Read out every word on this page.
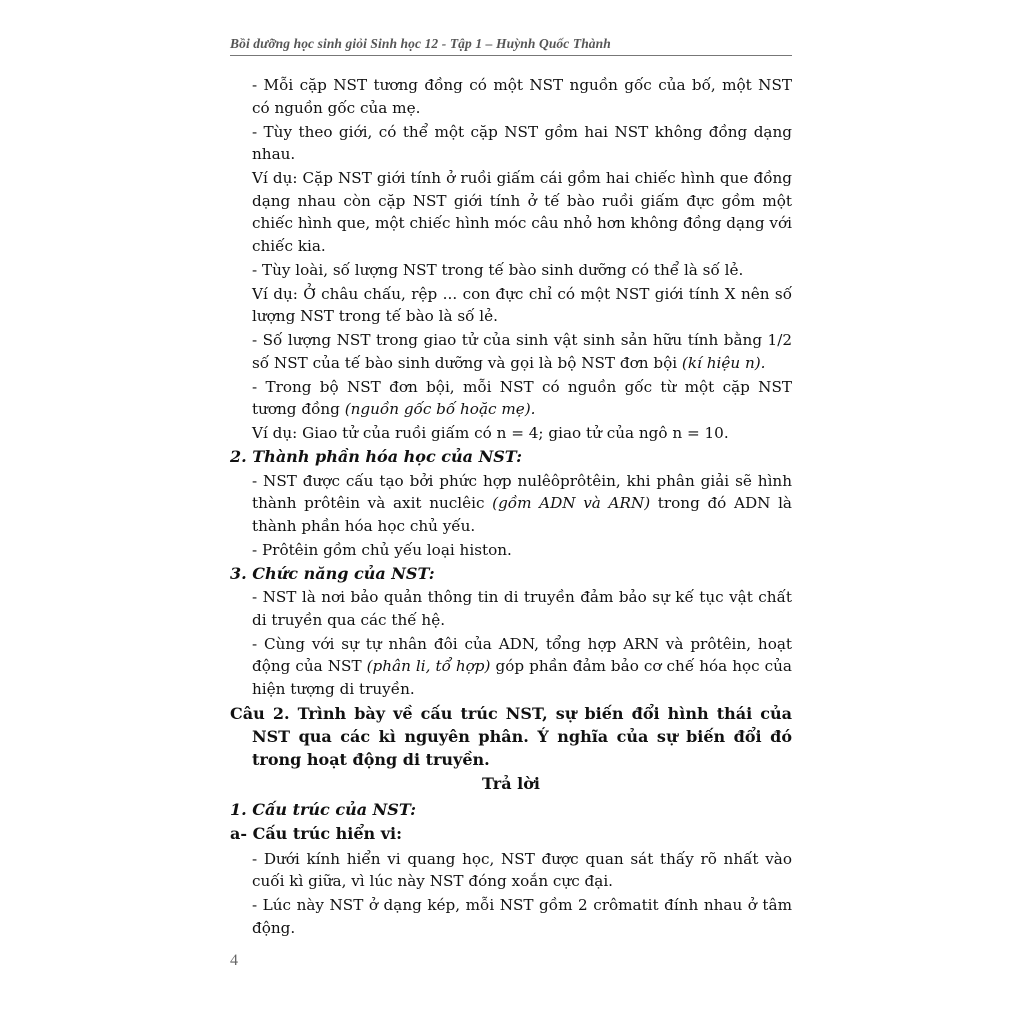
Bồi dưỡng học sinh giỏi Sinh học 12 - Tập 1 – Huỳnh Quốc Thành
- Mỗi cặp NST tương đồng có một NST nguồn gốc của bố, một NST có nguồn gốc của mẹ.
- Tùy theo giới, có thể một cặp NST gồm hai NST không đồng dạng nhau.
Ví dụ: Cặp NST giới tính ở ruồi giấm cái gồm hai chiếc hình que đồng dạng nhau còn cặp NST giới tính ở tế bào ruồi giấm đực gồm một chiếc hình que, một chiếc hình móc câu nhỏ hơn không đồng dạng với chiếc kia.
- Tùy loài, số lượng NST trong tế bào sinh dưỡng có thể là số lẻ.
Ví dụ: Ở châu chấu, rệp ... con đực chỉ có một NST giới tính X nên số lượng NST trong tế bào là số lẻ.
- Số lượng NST trong giao tử của sinh vật sinh sản hữu tính bằng 1/2 số NST của tế bào sinh dưỡng và gọi là bộ NST đơn bội (kí hiệu n).
- Trong bộ NST đơn bội, mỗi NST có nguồn gốc từ một cặp NST tương đồng (nguồn gốc bố hoặc mẹ).
Ví dụ: Giao tử của ruồi giấm có n = 4; giao tử của ngô n = 10.
2. Thành phần hóa học của NST:
- NST được cấu tạo bởi phức hợp nulêôprôtêin, khi phân giải sẽ hình thành prôtêin và axit nuclêic (gồm ADN và ARN) trong đó ADN là thành phần hóa học chủ yếu.
- Prôtêin gồm chủ yếu loại histon.
3. Chức năng của NST:
- NST là nơi bảo quản thông tin di truyền đảm bảo sự kế tục vật chất di truyền qua các thế hệ.
- Cùng với sự tự nhân đôi của ADN, tổng hợp ARN và prôtêin, hoạt động của NST (phân li, tổ hợp) góp phần đảm bảo cơ chế hóa học của hiện tượng di truyền.
Câu 2. Trình bày về cấu trúc NST, sự biến đổi hình thái của NST qua các kì nguyên phân. Ý nghĩa của sự biến đổi đó trong hoạt động di truyền.
Trả lời
1. Cấu trúc của NST:
a- Cấu trúc hiển vi:
- Dưới kính hiển vi quang học, NST được quan sát thấy rõ nhất vào cuối kì giữa, vì lúc này NST đóng xoắn cực đại.
- Lúc này NST ở dạng kép, mỗi NST gồm 2 crômatit đính nhau ở tâm động.
4
